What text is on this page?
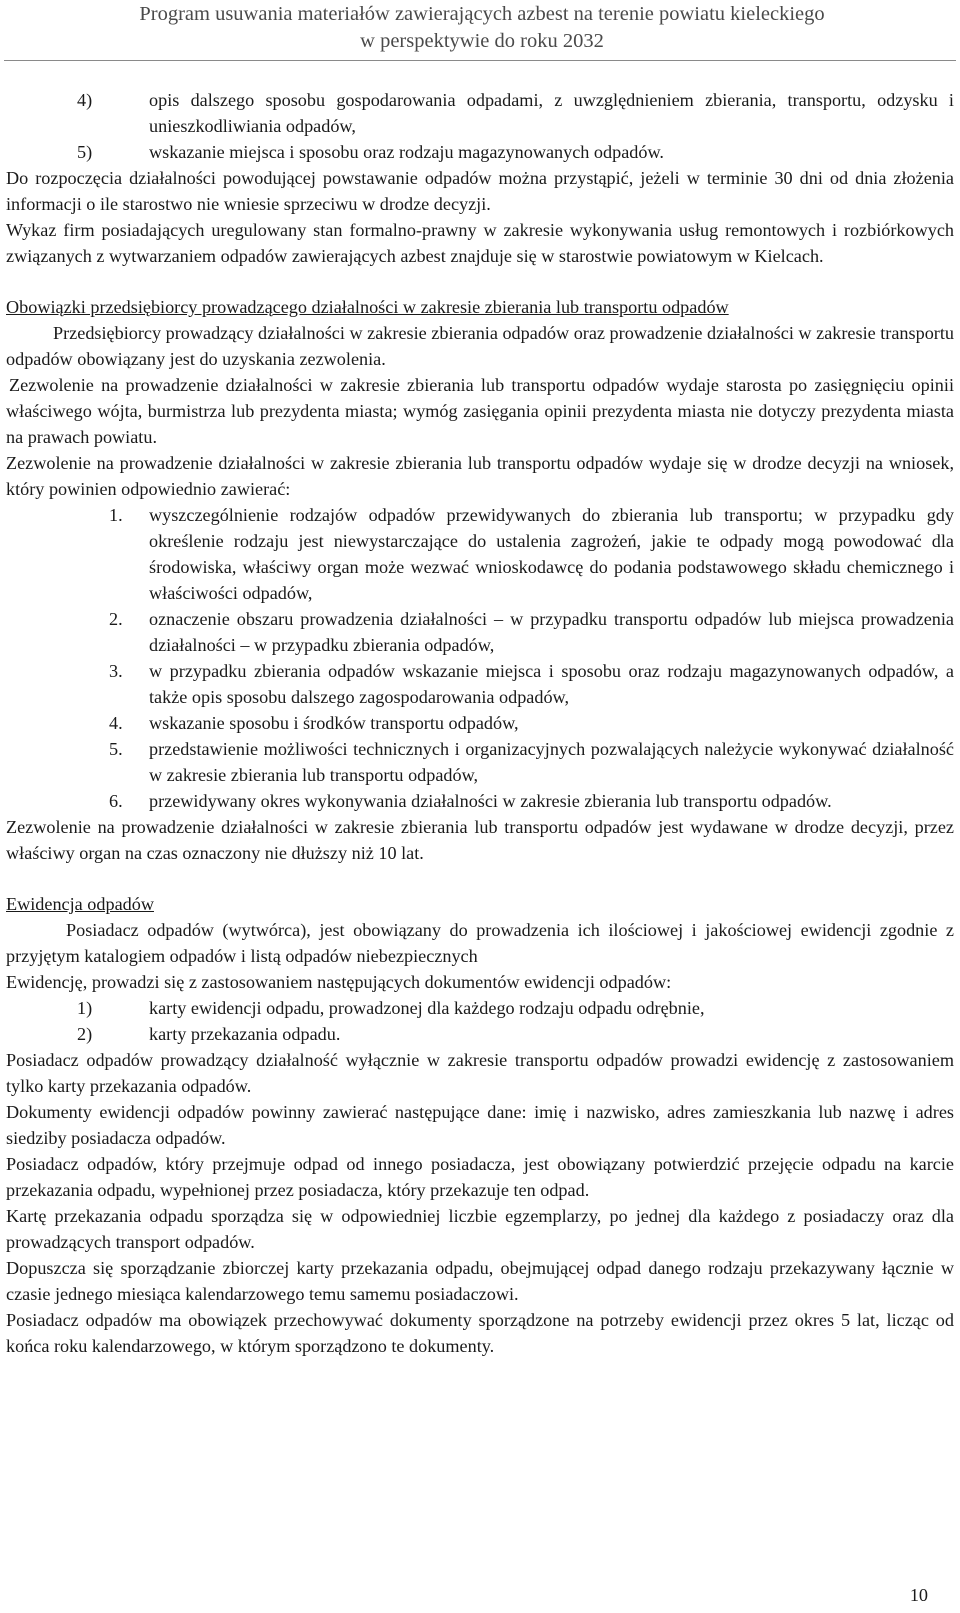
Program usuwania materiałów zawierających azbest na terenie powiatu kieleckiego
w perspektywie do roku 2032
4)	opis dalszego sposobu gospodarowania odpadami, z uwzględnieniem zbierania, transportu, odzysku i unieszkodliwiania odpadów,
5)	wskazanie miejsca i sposobu oraz rodzaju magazynowanych odpadów.

Do rozpoczęcia działalności powodującej powstawanie odpadów można przystąpić, jeżeli w terminie 30 dni od dnia złożenia informacji o ile starostwo nie wniesie sprzeciwu w drodze decyzji.

Wykaz firm posiadających uregulowany stan formalno-prawny w zakresie wykonywania usług remontowych i rozbiórkowych związanych z wytwarzaniem odpadów zawierających azbest znajduje się w starostwie powiatowym w Kielcach.

Obowiązki przedsiębiorcy prowadzącego działalności w zakresie zbierania lub transportu odpadów

Przedsiębiorcy prowadzący działalności w zakresie zbierania odpadów oraz prowadzenie działalności w zakresie transportu odpadów obowiązany jest do uzyskania zezwolenia.

Zezwolenie na prowadzenie działalności w zakresie zbierania lub transportu odpadów wydaje starosta po zasięgnięciu opinii właściwego wójta, burmistrza lub prezydenta miasta; wymóg zasięgania opinii prezydenta miasta nie dotyczy prezydenta miasta na prawach powiatu.

Zezwolenie na prowadzenie działalności w zakresie zbierania lub transportu odpadów wydaje się w drodze decyzji na wniosek, który powinien odpowiednio zawierać:

1.	wyszczególnienie rodzajów odpadów przewidywanych do zbierania lub transportu; w przypadku gdy określenie rodzaju jest niewystarczające do ustalenia zagrożeń, jakie te odpady mogą powodować dla środowiska, właściwy organ może wezwać wnioskodawcę do podania podstawowego składu chemicznego i właściwości odpadów,
2.	oznaczenie obszaru prowadzenia działalności – w przypadku transportu odpadów lub miejsca prowadzenia działalności – w przypadku zbierania odpadów,
3.	w przypadku zbierania odpadów wskazanie miejsca i sposobu oraz rodzaju magazynowanych odpadów, a także opis sposobu dalszego zagospodarowania odpadów,
4.	wskazanie sposobu i środków transportu odpadów,
5.	przedstawienie możliwości technicznych i organizacyjnych pozwalających należycie wykonywać działalność w zakresie zbierania lub transportu odpadów,
6.	przewidywany okres wykonywania działalności w zakresie zbierania lub transportu odpadów.

Zezwolenie na prowadzenie działalności w zakresie zbierania lub transportu odpadów jest wydawane w drodze decyzji, przez właściwy organ na czas oznaczony nie dłuższy niż 10 lat.

Ewidencja odpadów

Posiadacz odpadów (wytwórca), jest obowiązany do prowadzenia ich ilościowej i jakościowej ewidencji zgodnie z przyjętym katalogiem odpadów i listą odpadów niebezpiecznych

Ewidencję, prowadzi się z zastosowaniem następujących dokumentów ewidencji odpadów:

1)	karty ewidencji odpadu, prowadzonej dla każdego rodzaju odpadu odrębnie,
2)	karty przekazania odpadu.

Posiadacz odpadów prowadzący działalność wyłącznie w zakresie transportu odpadów prowadzi ewidencję z zastosowaniem tylko karty przekazania odpadów.

Dokumenty ewidencji odpadów powinny zawierać następujące dane: imię i nazwisko, adres zamieszkania lub nazwę i adres siedziby posiadacza odpadów.

Posiadacz odpadów, który przejmuje odpad od innego posiadacza, jest obowiązany potwierdzić przejęcie odpadu na karcie przekazania odpadu, wypełnionej przez posiadacza, który przekazuje ten odpad.

Kartę przekazania odpadu sporządza się w odpowiedniej liczbie egzemplarzy, po jednej dla każdego z posiadaczy oraz dla prowadzących transport odpadów.

Dopuszcza się sporządzanie zbiorczej karty przekazania odpadu, obejmującej odpad danego rodzaju przekazywany łącznie w czasie jednego miesiąca kalendarzowego temu samemu posiadaczowi.

Posiadacz odpadów ma obowiązek przechowywać dokumenty sporządzone na potrzeby ewidencji przez okres 5 lat, licząc od końca roku kalendarzowego, w którym sporządzono te dokumenty.

10
